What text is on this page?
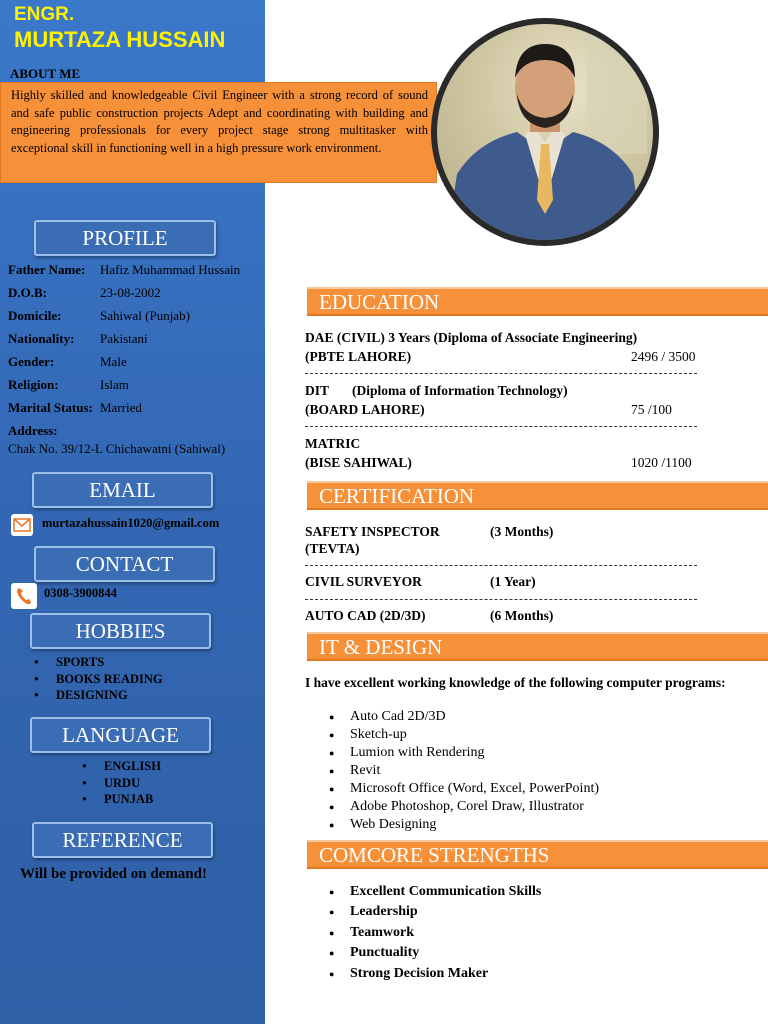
ENGR.
MURTAZA HUSSAIN
ABOUT ME
Highly skilled and knowledgeable Civil Engineer with a strong record of sound and safe public construction projects Adept and coordinating with building and engineering professionals for every project stage strong multitasker with exceptional skill in functioning well in a high pressure work environment.
PROFILE
Father Name: Hafiz Muhammad Hussain
D.O.B:	23-08-2002
Domicile:	Sahiwal (Punjab)
Nationality: Pakistani
Gender:	Male
Religion:	Islam
Marital Status: Married
Address:
Chak No. 39/12-L Chichawatni (Sahiwal)
EMAIL
murtazahussain1020@gmail.com
CONTACT
0308-3900844
HOBBIES
● SPORTS
● BOOKS READING
● DESIGNING
LANGUAGE
● ENGLISH
● URDU
● PUNJAB
REFERENCE
Will be provided on demand!
EDUCATION
DAE (CIVIL) 3 Years (Diploma of Associate Engineering)
(PBTE LAHORE)	2496 / 3500
DIT (Diploma of Information Technology)
(BOARD LAHORE)	75 /100
MATRIC
(BISE SAHIWAL)	1020 /1100
CERTIFICATION
SAFETY INSPECTOR	(3 Months)
(TEVTA)
CIVIL SURVEYOR	(1 Year)
AUTO CAD (2D/3D)	(6 Months)
IT & DESIGN
I have excellent working knowledge of the following computer programs:
● Auto Cad 2D/3D
● Sketch-up
● Lumion with Rendering
● Revit
● Microsoft Office (Word, Excel, PowerPoint)
● Adobe Photoshop, Corel Draw, Illustrator
● Web Designing
COMCORE STRENGTHS
● Excellent Communication Skills
● Leadership
● Teamwork
● Punctuality
● Strong Decision Maker
